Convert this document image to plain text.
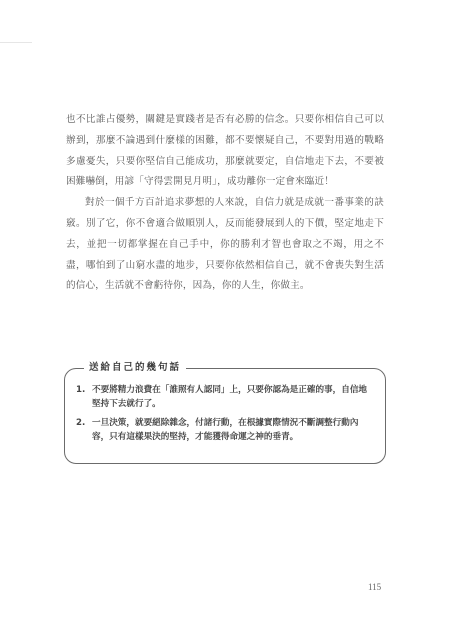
也不比誰占優勢，關鍵是實踐者是否有必勝的信念。只要你相信自己可以辦到，那麼不論遇到什麼樣的困難，都不要懷疑自己，不要對用過的戰略多慮憂失，只要你堅信自己能成功，那麼就要定，自信地走下去，不要被困難嚇倒，用諺「守得雲開見月明」，成功離你一定會來臨近！

對於一個千方百計追求夢想的人來說，自信力就是成就一番事業的訣竅。別了它，你不會適合做順別人，反而能發展到人的下價，堅定地走下去，並把一切都掌握在自己手中，你的勝利才智也會取之不竭，用之不盡，哪怕到了山窮水盡的地步，只要你依然相信自己，就不會喪失對生活的信心，生活就不會虧待你，因為，你的人生，你做主。

送給自己的幾句話
1. 不要將精力浪費在「誰照有人認同」上，只要你認為是正確的事，自信地堅持下去就行了。
2. 一旦決策，就要絕除雜念，付諸行動，在根據實際情況不斷調整行動內容，只有這樣果決的堅持，才能獲得命運之神的垂青。
115
